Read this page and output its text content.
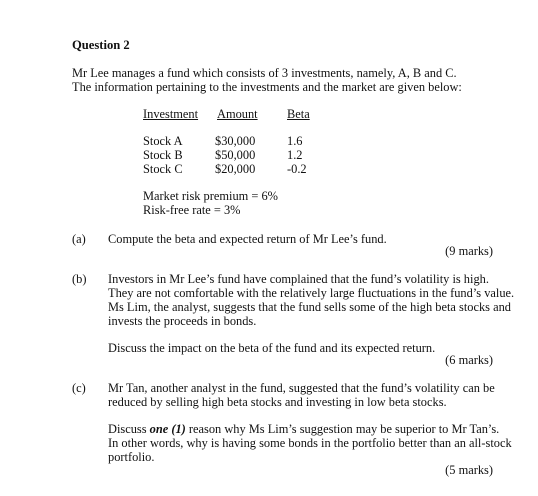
Question 2
Mr Lee manages a fund which consists of 3 investments, namely, A, B and C.
The information pertaining to the investments and the market are given below:
Investment Amount Beta
Stock A	$30,000	1.6
Stock B	$50,000	1.2
Stock C	$20,000	-0.2
Market risk premium = 6%
Risk-free rate = 3%
(a) Compute the beta and expected return of Mr Lee’s fund.
(9 marks)
(b) Investors in Mr Lee’s fund have complained that the fund’s volatility is high.
They are not comfortable with the relatively large fluctuations in the fund’s value.
Ms Lim, the analyst, suggests that the fund sells some of the high beta stocks and
invests the proceeds in bonds.
Discuss the impact on the beta of the fund and its expected return.
(6 marks)
(c) Mr Tan, another analyst in the fund, suggested that the fund’s volatility can be
reduced by selling high beta stocks and investing in low beta stocks.
Discuss one (1) reason why Ms Lim’s suggestion may be superior to Mr Tan’s.
In other words, why is having some bonds in the portfolio better than an all-stock
portfolio.
(5 marks)
